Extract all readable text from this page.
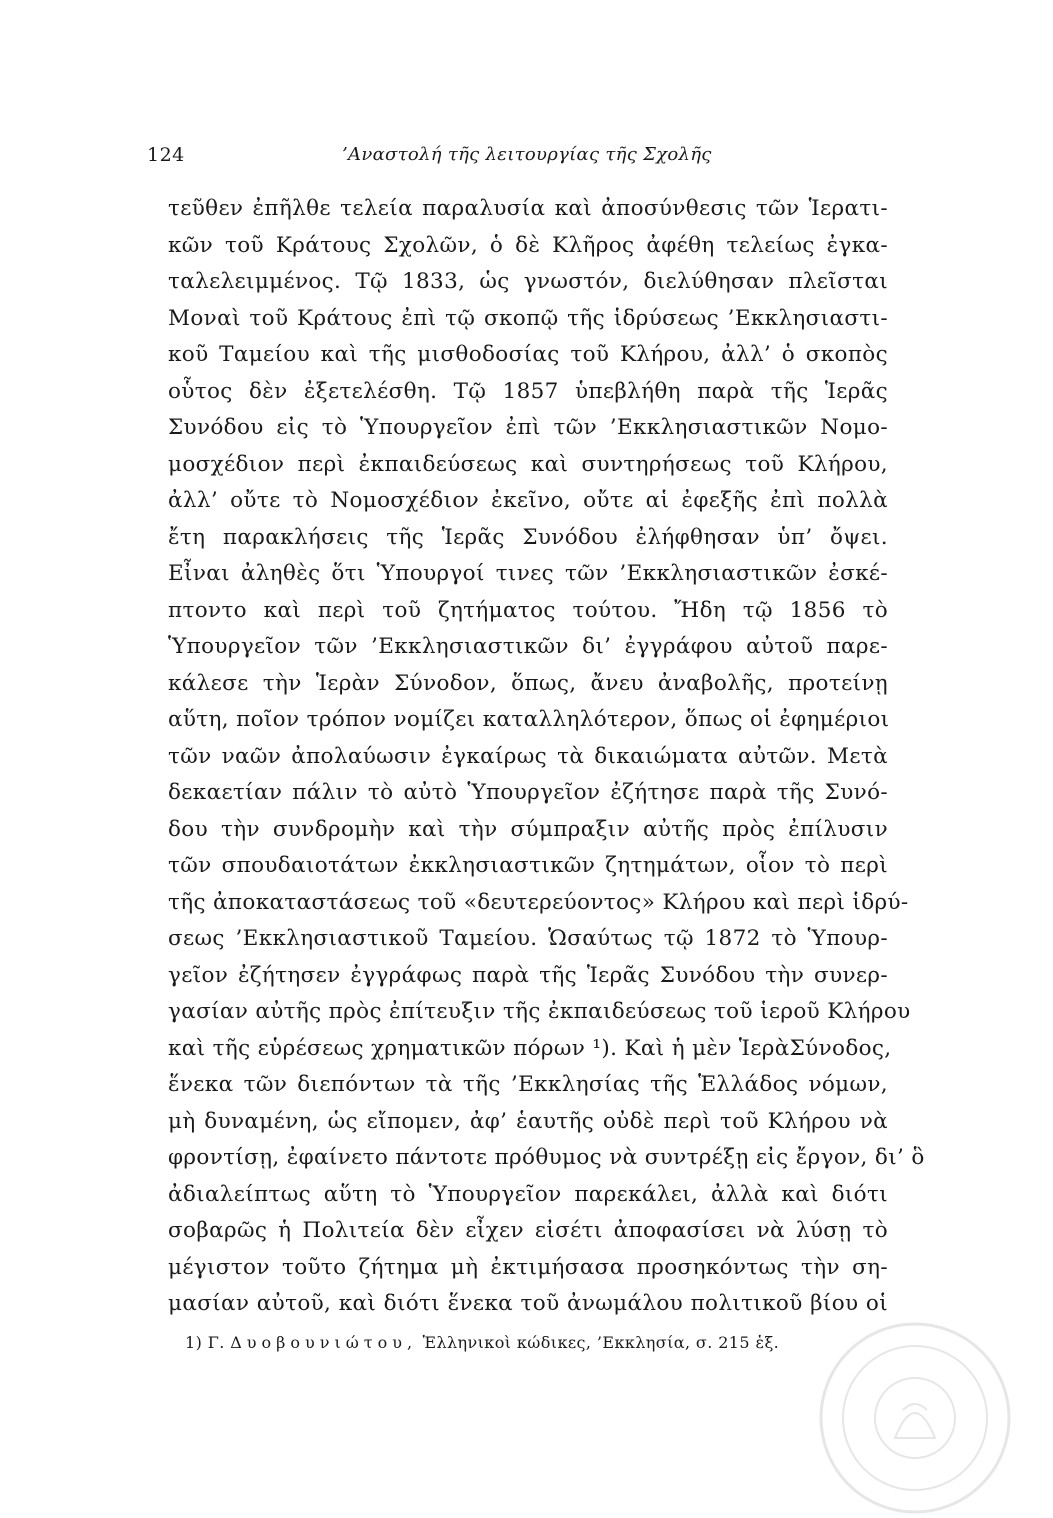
124	’Αναστολή τῆς λειτουργίας τῆς Σχολῆς
τεῦθεν ἐπῆλθε τελεία παραλυσία καὶ ἀποσύνθεσις τῶν Ἱερατι-
κῶν τοῦ Κράτους Σχολῶν, ὁ δὲ Κλῆρος ἀφέθη τελείως ἐγκα-
ταλελειμμένος. Τῷ 1833, ὡς γνωστόν, διελύθησαν πλεῖσται
Μοναὶ τοῦ Κράτους ἐπὶ τῷ σκοπῷ τῆς ἱδρύσεως ’Εκκλησιαστι-
κοῦ Ταμείου καὶ τῆς μισθοδοσίας τοῦ Κλήρου, ἀλλ’ ὁ σκοπὸς
οὗτος δὲν ἐξετελέσθη. Τῷ 1857 ὑπεβλήθη παρὰ τῆς Ἱερᾶς
Συνόδου εἰς τὸ Ὑπουργεῖον ἐπὶ τῶν ’Εκκλησιαστικῶν Νομο-
μοσχέδιον περὶ ἐκπαιδεύσεως καὶ συντηρήσεως τοῦ Κλήρου,
ἀλλ’ οὔτε τὸ Νομοσχέδιον ἐκεῖνο, οὔτε αἱ ἐφεξῆς ἐπὶ πολλὰ
ἔτη παρακλήσεις τῆς Ἱερᾶς Συνόδου ἐλήφθησαν ὑπ’ ὄψει.
Εἶναι ἀληθὲς ὅτι Ὑπουργοί τινες τῶν ’Εκκλησιαστικῶν ἐσκέ-
πτοντο καὶ περὶ τοῦ ζητήματος τούτου. Ἤδη τῷ 1856 τὸ
Ὑπουργεῖον τῶν ’Εκκλησιαστικῶν δι’ ἐγγράφου αὐτοῦ παρε-
κάλεσε τὴν Ἱερὰν Σύνοδον, ὅπως, ἄνευ ἀναβολῆς, προτείνῃ
αὕτη, ποῖον τρόπον νομίζει καταλληλότερον, ὅπως οἱ ἐφημέριοι
τῶν ναῶν ἀπολαύωσιν ἐγκαίρως τὰ δικαιώματα αὐτῶν. Μετὰ
δεκαετίαν πάλιν τὸ αὐτὸ Ὑπουργεῖον ἐζήτησε παρὰ τῆς Συνό-
δου τὴν συνδρομὴν καὶ τὴν σύμπραξιν αὐτῆς πρὸς ἐπίλυσιν
τῶν σπουδαιοτάτων ἐκκλησιαστικῶν ζητημάτων, οἷον τὸ περὶ
τῆς ἀποκαταστάσεως τοῦ «δευτερεύοντος» Κλήρου καὶ περὶ ἱδρύ-
σεως ’Εκκλησιαστικοῦ Ταμείου. Ὡσαύτως τῷ 1872 τὸ Ὑπουρ-
γεῖον ἐζήτησεν ἐγγράφως παρὰ τῆς Ἱερᾶς Συνόδου τὴν συνερ-
γασίαν αὐτῆς πρὸς ἐπίτευξιν τῆς ἐκπαιδεύσεως τοῦ ἱεροῦ Κλήρου
καὶ τῆς εὑρέσεως χρηματικῶν πόρων ¹). Καὶ ἡ μὲν ἹερὰΣύνοδος,
ἕνεκα τῶν διεπόντων τὰ τῆς ’Εκκλησίας τῆς Ἑλλάδος νόμων,
μὴ δυναμένη, ὡς εἴπομεν, ἀφ’ ἑαυτῆς οὐδὲ περὶ τοῦ Κλήρου νὰ
φροντίσῃ, ἐφαίνετο πάντοτε πρόθυμος νὰ συντρέξῃ εἰς ἔργον, δι’ ὃ
ἀδιαλείπτως αὕτη τὸ Ὑπουργεῖον παρεκάλει, ἀλλὰ καὶ διότι
σοβαρῶς ἡ Πολιτεία δὲν εἶχεν εἰσέτι ἀποφασίσει νὰ λύσῃ τὸ
μέγιστον τοῦτο ζήτημα μὴ ἐκτιμήσασα προσηκόντως τὴν ση-
μασίαν αὐτοῦ, καὶ διότι ἕνεκα τοῦ ἀνωμάλου πολιτικοῦ βίου οἱ
1) Γ. Δυοβουνιώτου, Ἑλληνικοὶ κώδικες, ’Εκκλησία, σ. 215 ἑξ.
